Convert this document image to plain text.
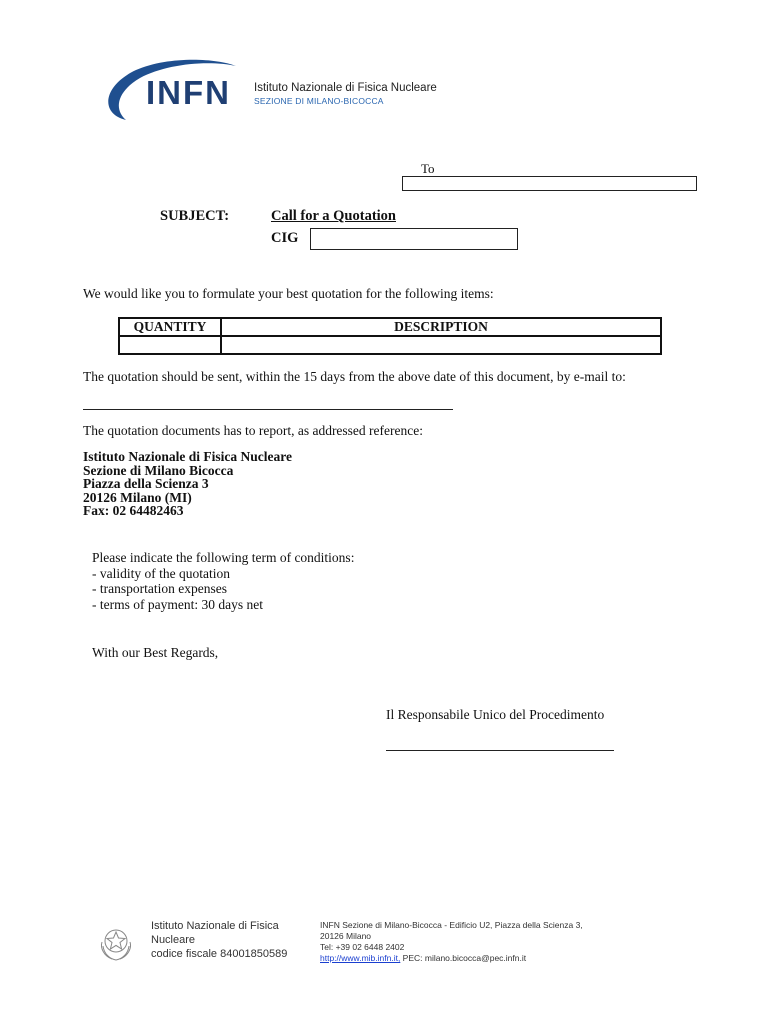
INFN Istituto Nazionale di Fisica Nucleare
SEZIONE DI MILANO-BICOCCA
To
SUBJECT:	Call for a Quotation
CIG
We would like you to formulate your best quotation for the following items:
QUANTITY	DESCRIPTION

The quotation should be sent, within the 15 days from the above date of this document, by e-mail to:
The quotation documents has to report, as addressed reference:
Istituto Nazionale di Fisica Nucleare
Sezione di Milano Bicocca
Piazza della Scienza 3
20126 Milano (MI)
Fax: 02 64482463
Please indicate the following term of conditions:
- validity of the quotation
- transportation expenses
- terms of payment: 30 days net
With our Best Regards,
Il Responsabile Unico del Procedimento
Istituto Nazionale di Fisica
Nucleare
codice fiscale 84001850589
INFN Sezione di Milano-Bicocca - Edificio U2, Piazza della Scienza 3,
20126 Milano
Tel: +39 02 6448 2402
http://www.mib.infn.it, PEC: milano.bicocca@pec.infn.it
